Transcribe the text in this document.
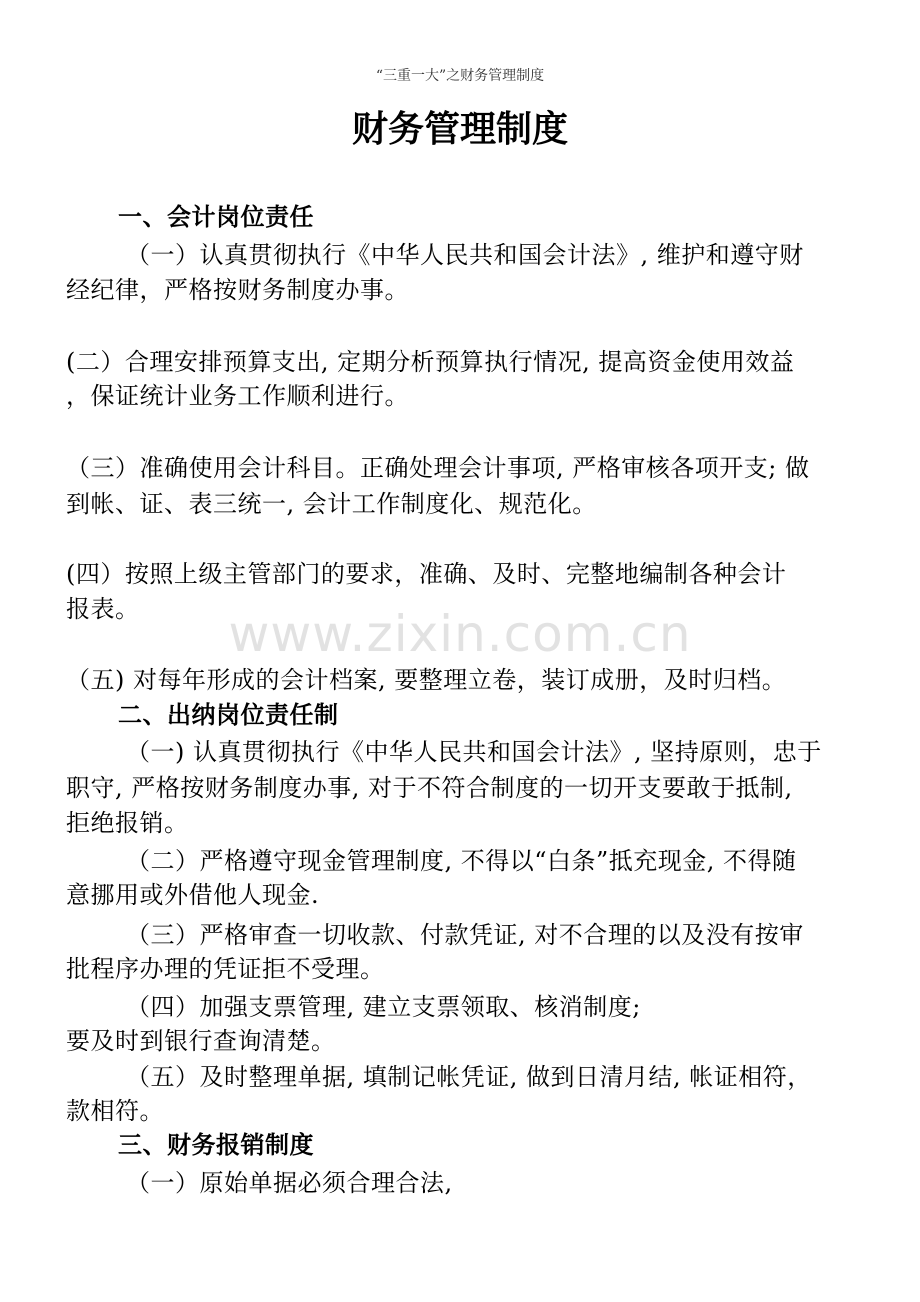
“三重一大”之财务管理制度
财务管理制度
www.zixin.com.cn
一、会计岗位责任
（一）认真贯彻执行《中华人民共和国会计法》, 维护和遵守财
经纪律，严格按财务制度办事。
(二）合理安排预算支出, 定期分析预算执行情况, 提高资金使用效益
，保证统计业务工作顺利进行。
（三）准确使用会计科目。正确处理会计事项, 严格审核各项开支; 做
到帐、证、表三统一, 会计工作制度化、规范化。
(四）按照上级主管部门的要求，准确、及时、完整地编制各种会计
报表。
（五) 对每年形成的会计档案, 要整理立卷，装订成册，及时归档。
二、出纳岗位责任制
（一) 认真贯彻执行《中华人民共和国会计法》, 坚持原则，忠于
职守, 严格按财务制度办事, 对于不符合制度的一切开支要敢于抵制,
拒绝报销。
（二）严格遵守现金管理制度, 不得以“白条”抵充现金, 不得随
意挪用或外借他人现金.
（三）严格审查一切收款、付款凭证, 对不合理的以及没有按审
批程序办理的凭证拒不受理。
（四）加强支票管理, 建立支票领取、核消制度;
要及时到银行查询清楚。
（五）及时整理单据, 填制记帐凭证, 做到日清月结, 帐证相符，
款相符。
三、财务报销制度
（一）原始单据必须合理合法,
